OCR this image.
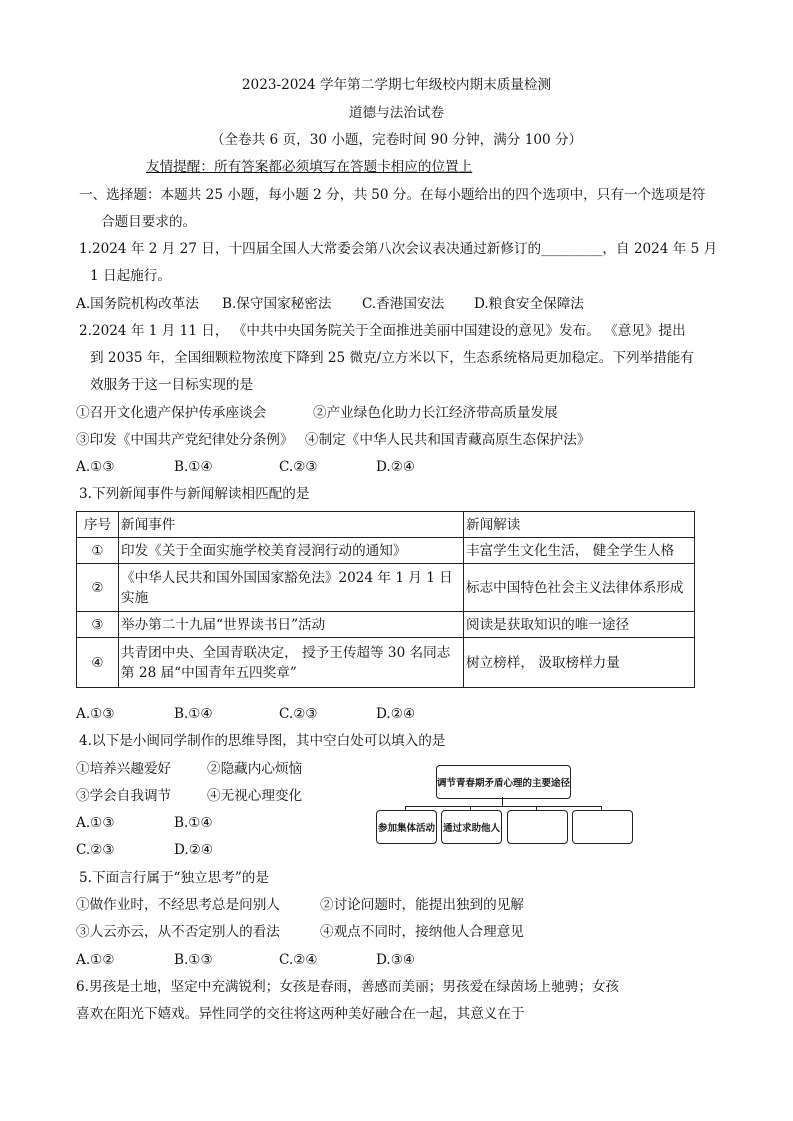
2023-2024 学年第二学期七年级校内期末质量检测
道德与法治试卷
（全卷共 6 页，30 小题，完卷时间 90 分钟，满分 100 分）
友情提醒：所有答案都必须填写在答题卡相应的位置上
一、选择题：本题共 25 小题，每小题 2 分，共 50 分。在每小题给出的四个选项中，只有一个选项是符
合题目要求的。
1.2024 年 2 月 27 日，十四届全国人大常委会第八次会议表决通过新修订的_________，自 2024 年 5 月
1 日起施行。
A.国务院机构改革法 B.保守国家秘密法 C.香港国安法 D.粮食安全保障法
2.2024 年 1 月 11 日， 《中共中央国务院关于全面推进美丽中国建设的意见》发布。 《意见》提出
到 2035 年，全国细颗粒物浓度下降到 25 微克/立方米以下，生态系统格局更加稳定。下列举措能有
效服务于这一目标实现的是
①召开文化遗产保护传承座谈会	②产业绿色化助力长江经济带高质量发展
③印发《中国共产党纪律处分条例》 ④制定《中华人民共和国青藏高原生态保护法》
A.①③	B.①④	C.②③	D.②④
3.下列新闻事件与新闻解读相匹配的是
序号	新闻事件	新闻解读
①	印发《关于全面实施学校美育浸润行动的通知》	丰富学生文化生活， 健全学生人格
②	《中华人民共和国外国国家豁免法》2024 年 1 月 1 日实施	标志中国特色社会主义法律体系形成
③	举办第二十九届“世界读书日”活动	阅读是获取知识的唯一途径
④	共青团中央、全国青联决定， 授予王传超等 30 名同志第 28 届“中国青年五四奖章”	树立榜样， 汲取榜样力量
A.①③	B.①④	C.②③	D.②④
4.以下是小闽同学制作的思维导图，其中空白处可以填入的是
①培养兴趣爱好	②隐藏内心烦恼
③学会自我调节	④无视心理变化
A.①③	B.①④
C.②③	D.②④
调节青春期矛盾心理的主要途径
参加集体活动 通过求助他人
5.下面言行属于“独立思考”的是
①做作业时，不经思考总是问别人	②讨论问题时，能提出独到的见解
③人云亦云，从不否定别人的看法	④观点不同时，接纳他人合理意见
A.①②	B.①③	C.②④	D.③④
6.男孩是土地，坚定中充满锐利；女孩是春雨，善感而美丽；男孩爱在绿茵场上驰骋；女孩
喜欢在阳光下嬉戏。异性同学的交往将这两种美好融合在一起，其意义在于
